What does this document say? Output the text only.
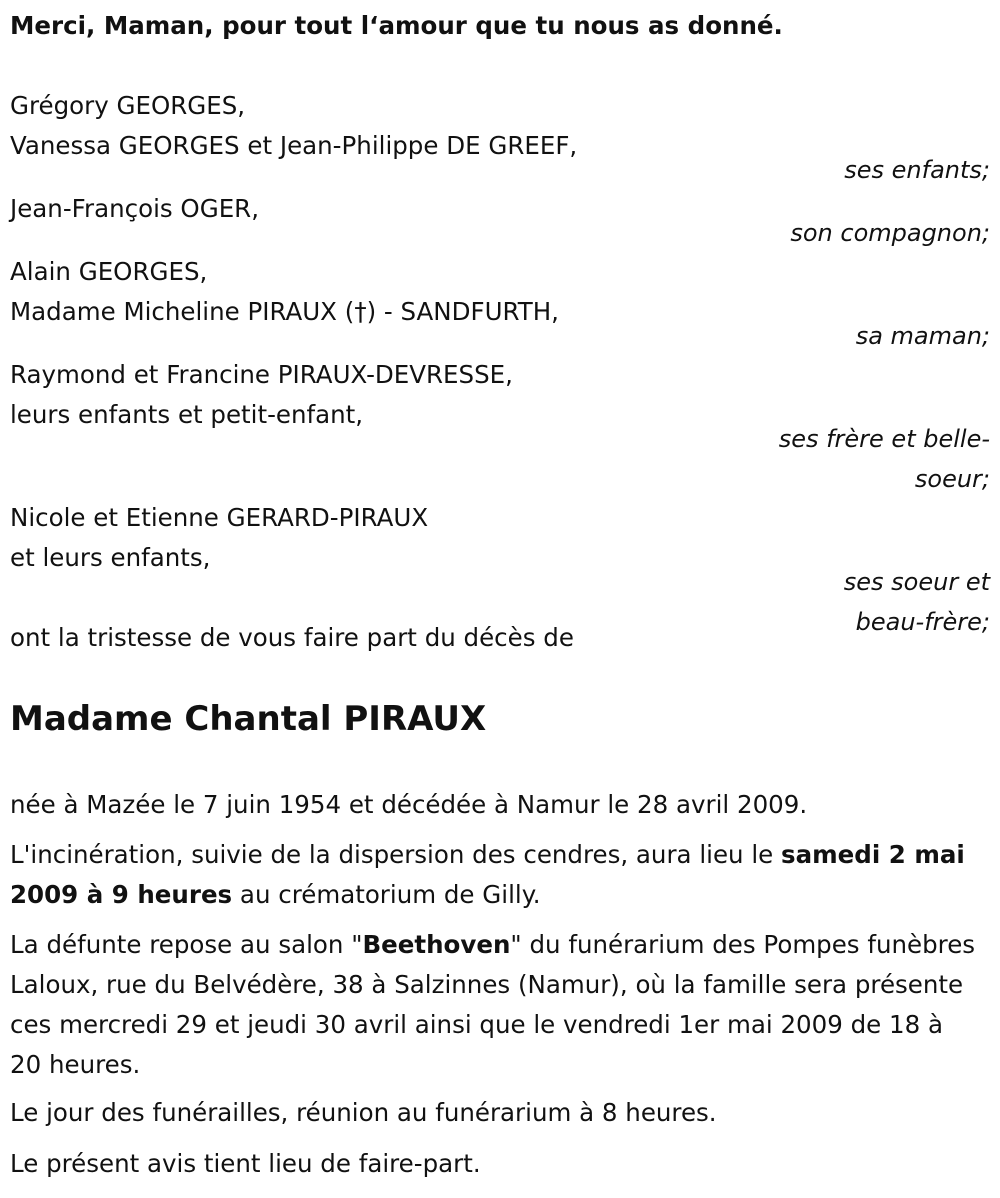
Merci, Maman, pour tout l‘amour que tu nous as donné.
Grégory GEORGES,
Vanessa GEORGES et Jean-Philippe DE GREEF,
ses enfants;
Jean-François OGER,
son compagnon;
Alain GEORGES,
Madame Micheline PIRAUX (†) - SANDFURTH,
sa maman;
Raymond et Francine PIRAUX-DEVRESSE,
leurs enfants et petit-enfant,
ses frère et belle-soeur;
Nicole et Etienne GERARD-PIRAUX
et leurs enfants,
ses soeur et beau-frère;
ont la tristesse de vous faire part du décès de
Madame Chantal PIRAUX
née à Mazée le 7 juin 1954 et décédée à Namur le 28 avril 2009.
L'incinération, suivie de la dispersion des cendres, aura lieu le samedi 2 mai 2009 à 9 heures au crématorium de Gilly.
La défunte repose au salon "Beethoven" du funérarium des Pompes funèbres Laloux, rue du Belvédère, 38 à Salzinnes (Namur), où la famille sera présente ces mercredi 29 et jeudi 30 avril ainsi que le vendredi 1er mai 2009 de 18 à 20 heures.
Le jour des funérailles, réunion au funérarium à 8 heures.
Le présent avis tient lieu de faire-part.
